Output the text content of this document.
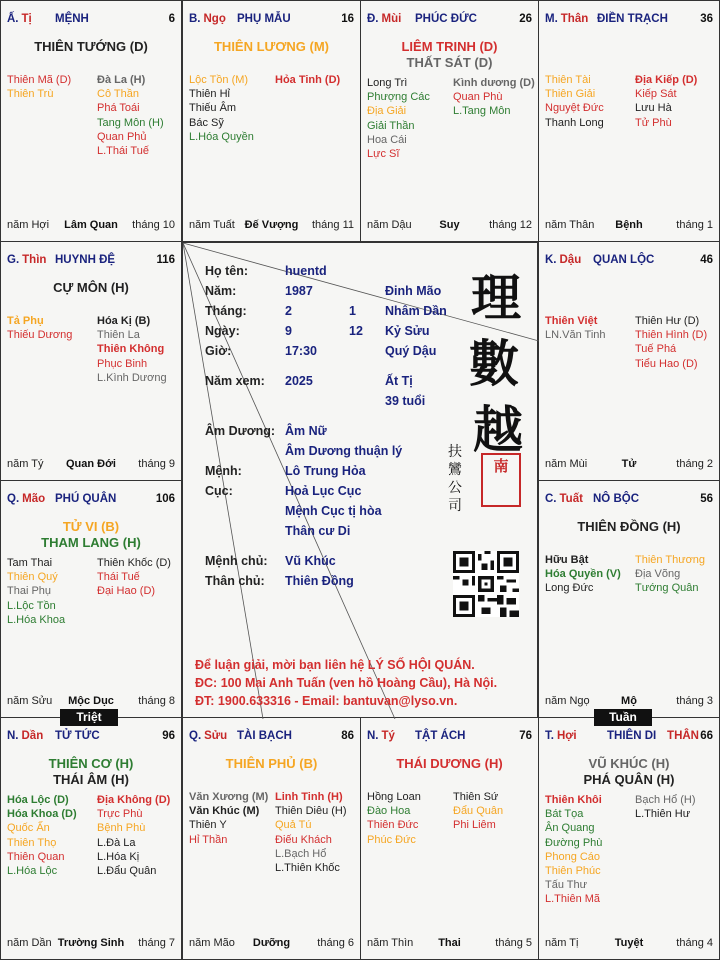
Ấ. Tị MỆNH	6
THIÊN TƯỚNG (D)
Thiên Mã (D)
Thiên Trù
Đà La (H)
Cô Thần
Phá Toái
Tang Môn (H)
Quan Phủ
L.Thái Tuế
năm Hợi Lâm Quan tháng 10
B. Ngọ PHỤ MẪU	16
THIÊN LƯƠNG (M)
Lộc Tồn (M)
Thiên Hỉ
Thiếu Âm
Bác Sỹ
L.Hóa Quyền
Hỏa Tinh (D)
năm Tuất Đế Vượng tháng 11
Đ. Mùi PHÚC ĐỨC	26
LIÊM TRINH (D)
THẤT SÁT (D)
Long Trì
Phượng Các
Địa Giải
Giải Thần
Hoa Cái
Lực Sĩ
Kình dương (D)
Quan Phù
L.Tang Môn
năm Dậu	Suy	tháng 12
M. Thân ĐIỀN TRẠCH	36
Thiên Tài
Thiên Giải
Nguyệt Đức
Thanh Long
Địa Kiếp (D)
Kiếp Sát
Lưu Hà
Tử Phù
năm Thân Bệnh	tháng 1
G. Thìn HUYNH ĐỆ	116
CỰ MÔN (H)
Tả Phụ
Thiếu Dương
Hóa Kị (B)
Thiên La
Thiên Không
Phục Binh
L.Kình Dương
năm Tý Quan Đới tháng 9
K. Dậu QUAN LỘC	46
Thiên Việt
LN.Văn Tinh
Thiên Hư (D)
Thiên Hình (D)
Tuế Phá
Tiểu Hao (D)
năm Mùi	Tử	tháng 2
Q. Mão PHÚ QUÂN	106
TỬ VI (B)
THAM LANG (H)
Tam Thai
Thiên Quý
Thai Phụ
L.Lộc Tồn
L.Hóa Khoa
Thiên Khốc (D)
Thái Tuế
Đại Hao (D)
năm Sửu Mộc Dục tháng 8
C. Tuất NÔ BỘC	56
THIÊN ĐỒNG (H)
Hữu Bật
Hóa Quyền (V)
Long Đức
Thiên Thương
Địa Võng
Tướng Quân
năm Ngọ	Mộ	tháng 3
N. Dần TỬ TỨC	96
THIÊN CƠ (H)
THÁI ÂM (H)
Hóa Lộc (D)
Hóa Khoa (D)
Quốc Ấn
Thiên Thọ
Thiên Quan
L.Hóa Lộc
Địa Không (D)
Trực Phù
Bệnh Phù
L.Đà La
L.Hóa Kị
L.Đẩu Quân
năm Dần Trường Sinh tháng 7
Q. Sửu TÀI BẠCH	86
THIÊN PHỦ (B)
Văn Xương (M)
Văn Khúc (M)
Thiên Y
Hỉ Thần
Linh Tinh (H)
Thiên Diêu (H)
Quả Tú
Điếu Khách
L.Bạch Hổ
L.Thiên Khốc
năm Mão Dưỡng tháng 6
N. Tý TẬT ÁCH	76
THÁI DƯƠNG (H)
Hồng Loan
Đào Hoa
Thiên Đức
Phúc Đức
Thiên Sứ
Đẩu Quân
Phi Liêm
năm Thìn Thai	tháng 5
T. Hợi	THIÊN DI THÂN 66
VŨ KHÚC (H)
PHÁ QUÂN (H)
Thiên Khôi
Bát Tọa
Ân Quang
Đường Phù
Phong Cáo
Thiên Phúc
Tấu Thư
L.Thiên Mã
Bạch Hổ (H)
L.Thiên Hư
năm Tị	Tuyệt	tháng 4
Họ tên:	huentd
Năm:	1987	Đinh Mão
Tháng:	2	1 Nhâm Dần
Ngày:	9	12 Kỷ Sửu
Giờ:	17:30	Quý Dậu
Năm xem: 2025	Ất Tị
39 tuổi
Âm Dương: Âm Nữ
Âm Dương thuận lý
Mệnh:	Lô Trung Hỏa
Cục:	Hoả Lục Cục
Mệnh Cục tị hòa
Thân cư Di
Mệnh chủ: Vũ Khúc
Thân chủ: Thiên Đồng
理
數
越
扶
鸞
公
司
南
Để luận giải, mời bạn liên hệ LÝ SỐ HỘI QUÁN.
ĐC: 100 Mai Anh Tuấn (ven hồ Hoàng Cầu), Hà Nội.
ĐT: 1900.633316 - Email: bantuvan@lyso.vn.
Triệt	Tuần
